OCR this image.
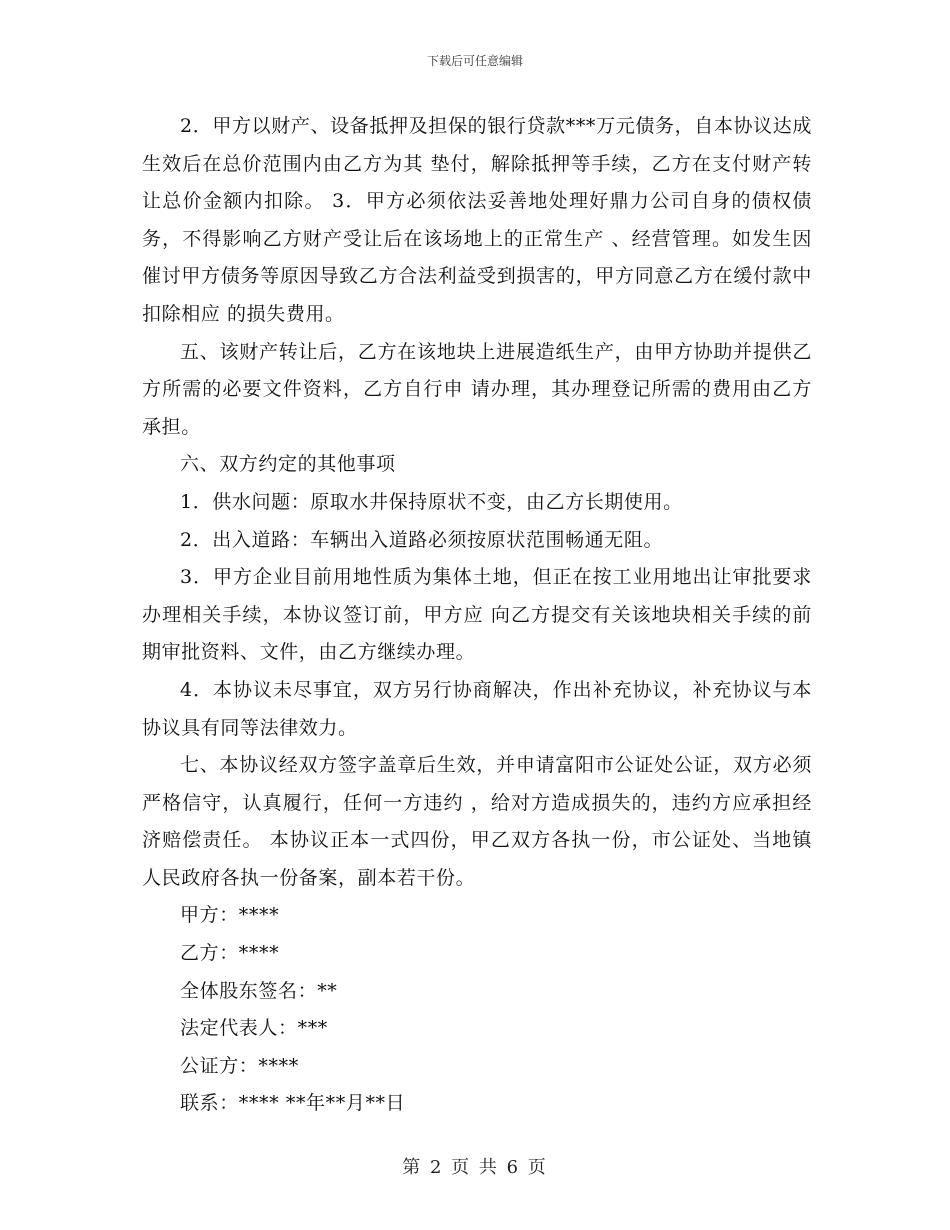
下载后可任意编辑

2．甲方以财产、设备抵押及担保的银行贷款***万元债务，自本协议达成生效后在总价范围内由乙方为其 垫付，解除抵押等手续，乙方在支付财产转让总价金额内扣除。 3．甲方必须依法妥善地处理好鼎力公司自身的债权债务，不得影响乙方财产受让后在该场地上的正常生产 、经营管理。如发生因催讨甲方债务等原因导致乙方合法利益受到损害的，甲方同意乙方在缓付款中扣除相应 的损失费用。

五、该财产转让后，乙方在该地块上进展造纸生产，由甲方协助并提供乙方所需的必要文件资料，乙方自行申 请办理，其办理登记所需的费用由乙方承担。

六、双方约定的其他事项

1．供水问题：原取水井保持原状不变，由乙方长期使用。

2．出入道路：车辆出入道路必须按原状范围畅通无阻。

3．甲方企业目前用地性质为集体土地，但正在按工业用地出让审批要求办理相关手续，本协议签订前，甲方应 向乙方提交有关该地块相关手续的前期审批资料、文件，由乙方继续办理。

4．本协议未尽事宜，双方另行协商解决，作出补充协议，补充协议与本协议具有同等法律效力。

七、本协议经双方签字盖章后生效，并申请富阳市公证处公证，双方必须严格信守，认真履行，任何一方违约 ，给对方造成损失的，违约方应承担经济赔偿责任。 本协议正本一式四份，甲乙双方各执一份，市公证处、当地镇人民政府各执一份备案，副本若干份。

甲方：****

乙方：****

全体股东签名：**

法定代表人：***

公证方：****

联系：**** **年**月**日

第 2 页 共 6 页
